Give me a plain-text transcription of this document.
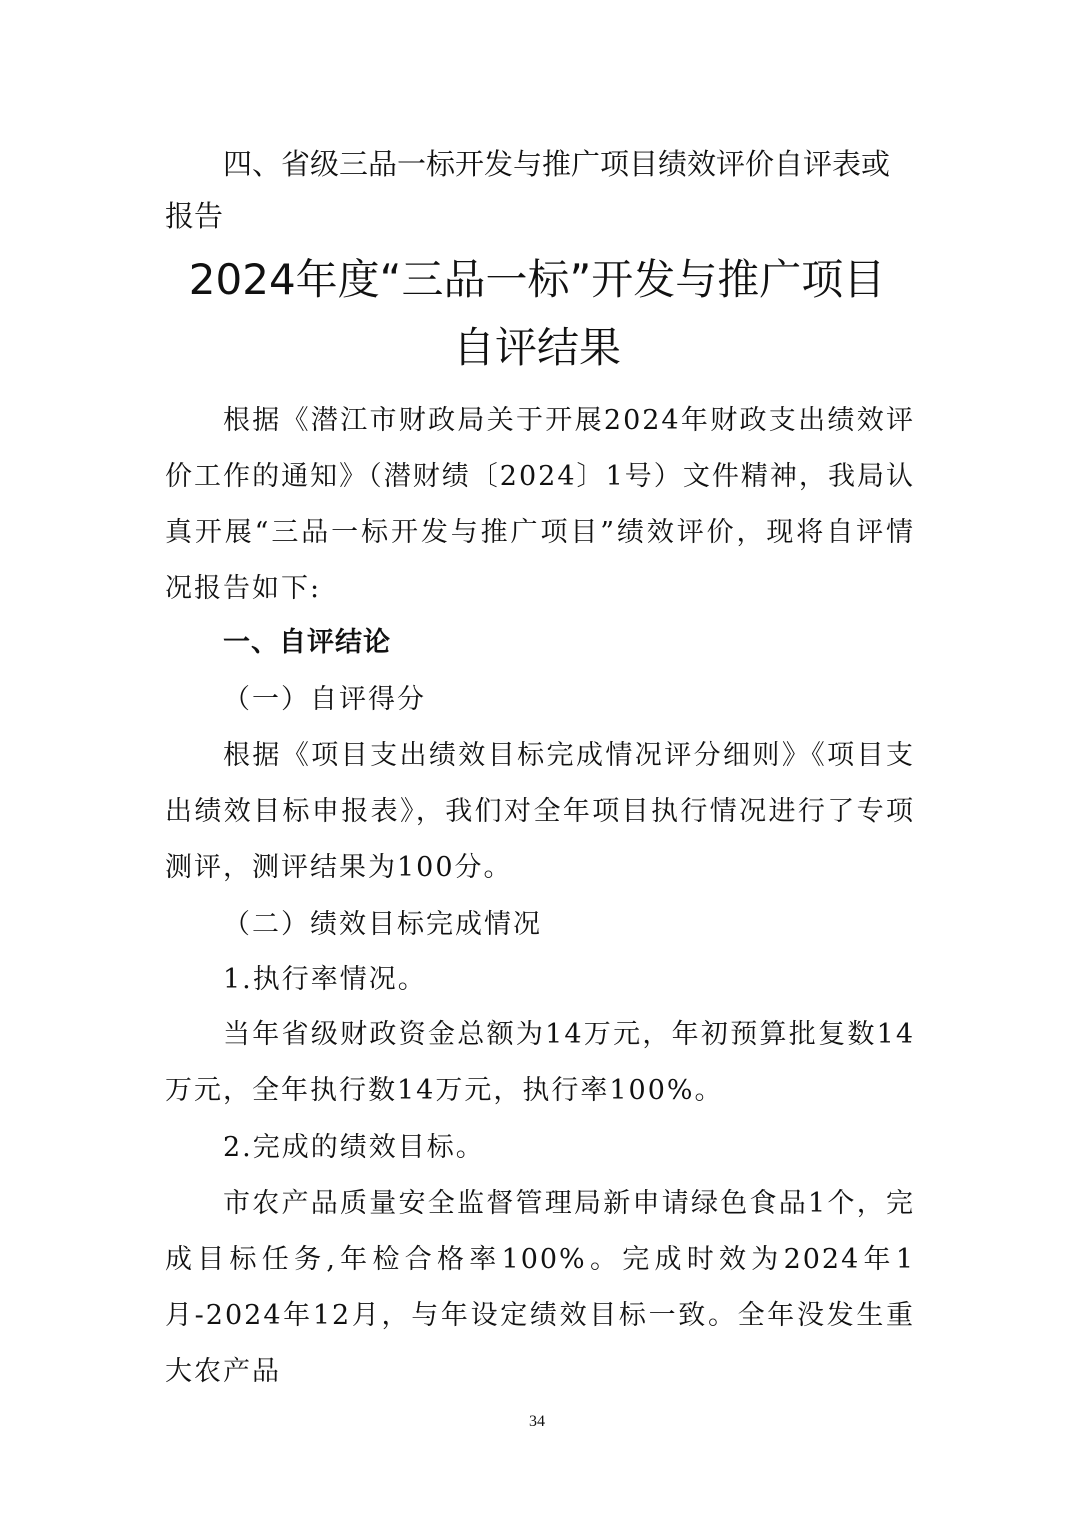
四、省级三品一标开发与推广项目绩效评价自评表或报告

2024年度“三品一标”开发与推广项目

自评结果

根据《潜江市财政局关于开展2024年财政支出绩效评价工作的通知》（潜财绩〔2024〕1号）文件精神，我局认真开展“三品一标开发与推广项目”绩效评价，现将自评情况报告如下:

一、自评结论

（一）自评得分

根据《项目支出绩效目标完成情况评分细则》《项目支出绩效目标申报表》，我们对全年项目执行情况进行了专项测评，测评结果为100分。

（二）绩效目标完成情况

1.执行率情况。

当年省级财政资金总额为14万元，年初预算批复数14万元，全年执行数14万元，执行率100%。

2.完成的绩效目标。

市农产品质量安全监督管理局新申请绿色食品1个，完成目标任务,年检合格率100%。完成时效为2024年1月-2024年12月，与年设定绩效目标一致。全年没发生重大农产品

34
